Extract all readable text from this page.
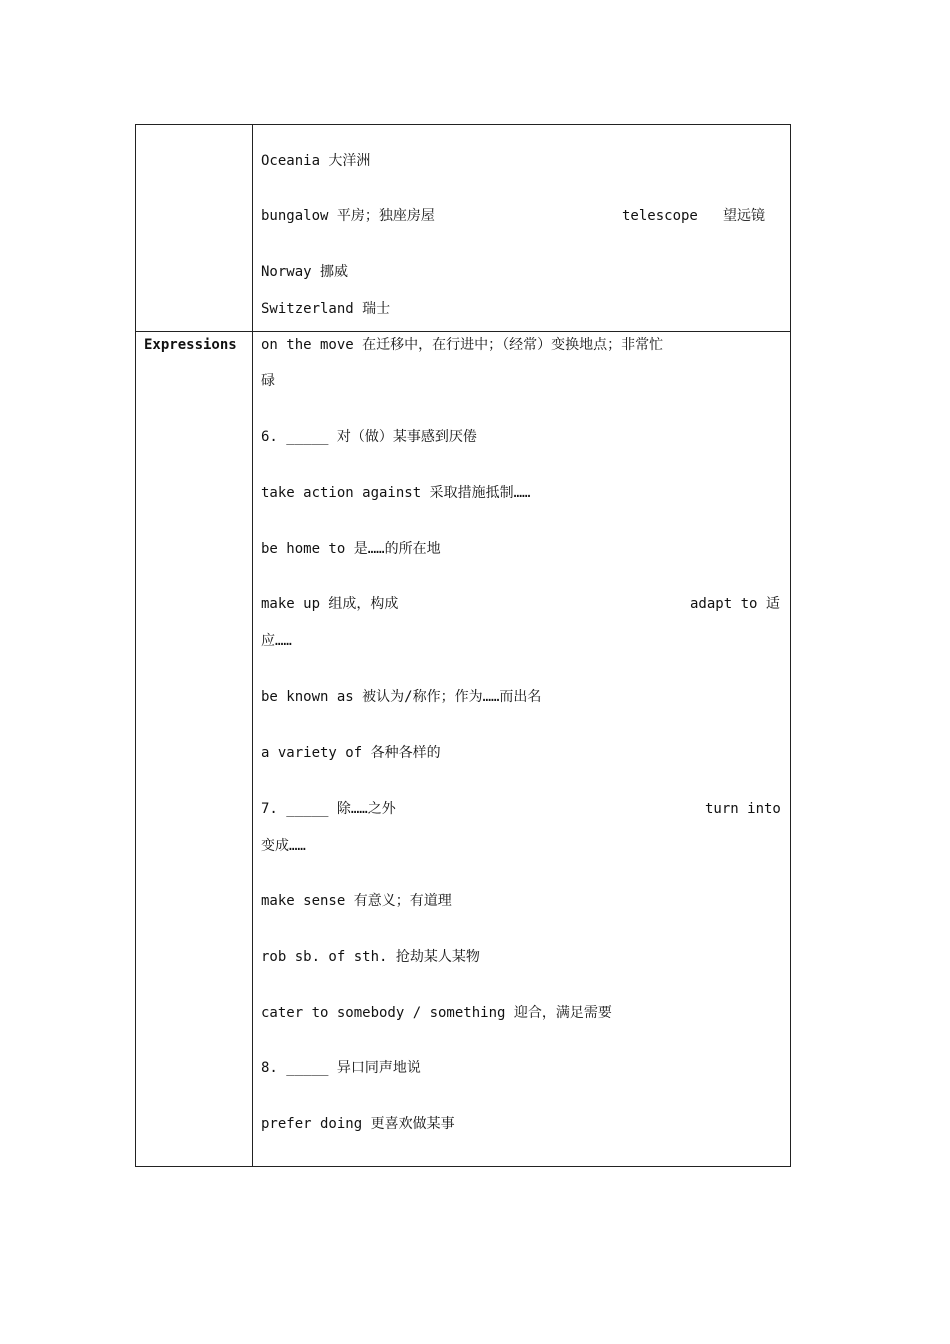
Oceania 大洋洲
bungalow 平房；独座房屋	telescope 望远镜
Norway 挪威
Switzerland 瑞士
Expressions on the move 在迁移中，在行进中；（经常）变换地点；非常忙
碌
6. _____ 对（做）某事感到厌倦
take action against 采取措施抵制……
be home to 是……的所在地
make up 组成，构成	adapt to 适
应……
be known as 被认为/称作；作为……而出名
a variety of 各种各样的
7. _____ 除……之外	turn into
变成……
make sense 有意义；有道理
rob sb. of sth. 抢劫某人某物
cater to somebody / something 迎合，满足需要
8. _____ 异口同声地说
prefer doing 更喜欢做某事
